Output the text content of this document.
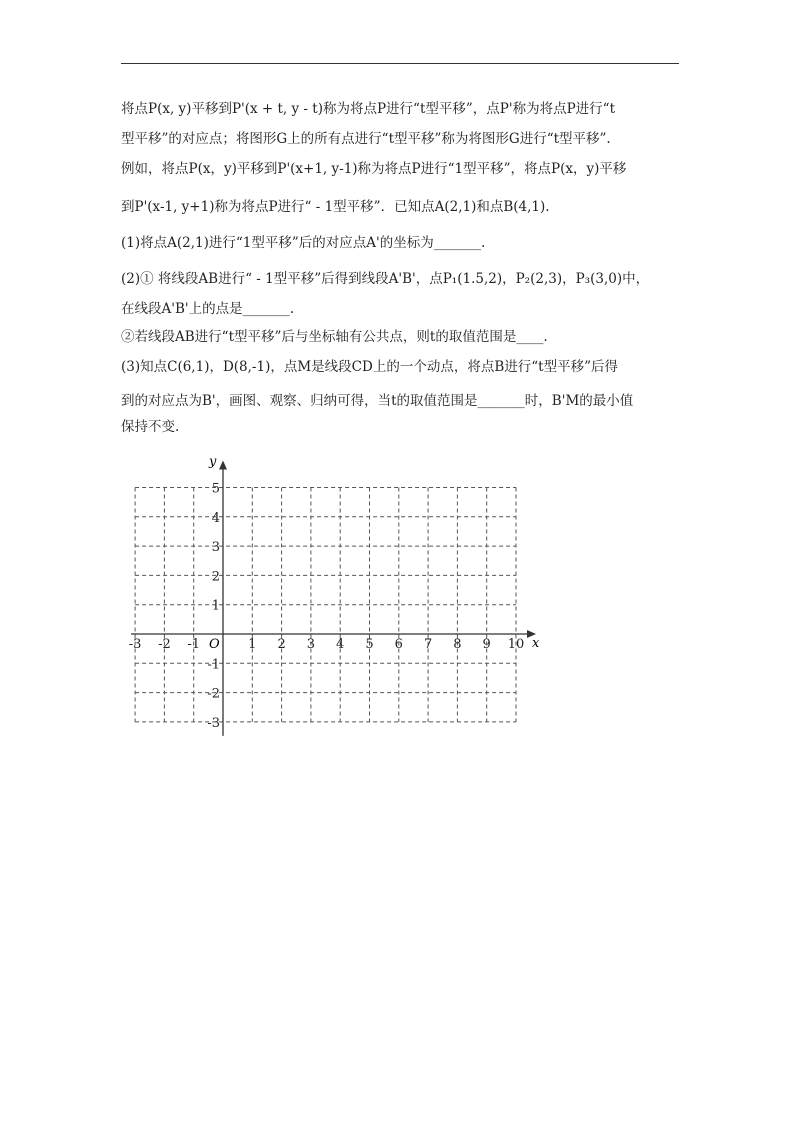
将点P(x, y)平移到P'(x + t, y - t)称为将点P进行“t型平移”，点P'称为将点P进行“t
型平移”的对应点；将图形G上的所有点进行“t型平移”称为将图形G进行“t型平移”.
例如，将点P(x，y)平移到P'(x+1, y-1)称为将点P进行“1型平移”，将点P(x，y)平移
到P'(x-1, y+1)称为将点P进行“ - 1型平移”．已知点A(2,1)和点B(4,1).
(1)将点A(2,1)进行“1型平移”后的对应点A'的坐标为_______.
(2)① 将线段AB进行“ - 1型平移”后得到线段A'B'，点P₁(1.5,2)，P₂(2,3)，P₃(3,0)中，
在线段A'B'上的点是_______.
②若线段AB进行“t型平移”后与坐标轴有公共点，则t的取值范围是____.
(3)知点C(6,1)，D(8,-1)，点M是线段CD上的一个动点，将点B进行“t型平移”后得
到的对应点为B'，画图、观察、归纳可得，当t的取值范围是_______时，B'M的最小值
保持不变.
-3 -2 -1	1 2 3 4 5 6 7 8 9 10
5
4
3
2
1
-1
-2
-3
x
y
O
